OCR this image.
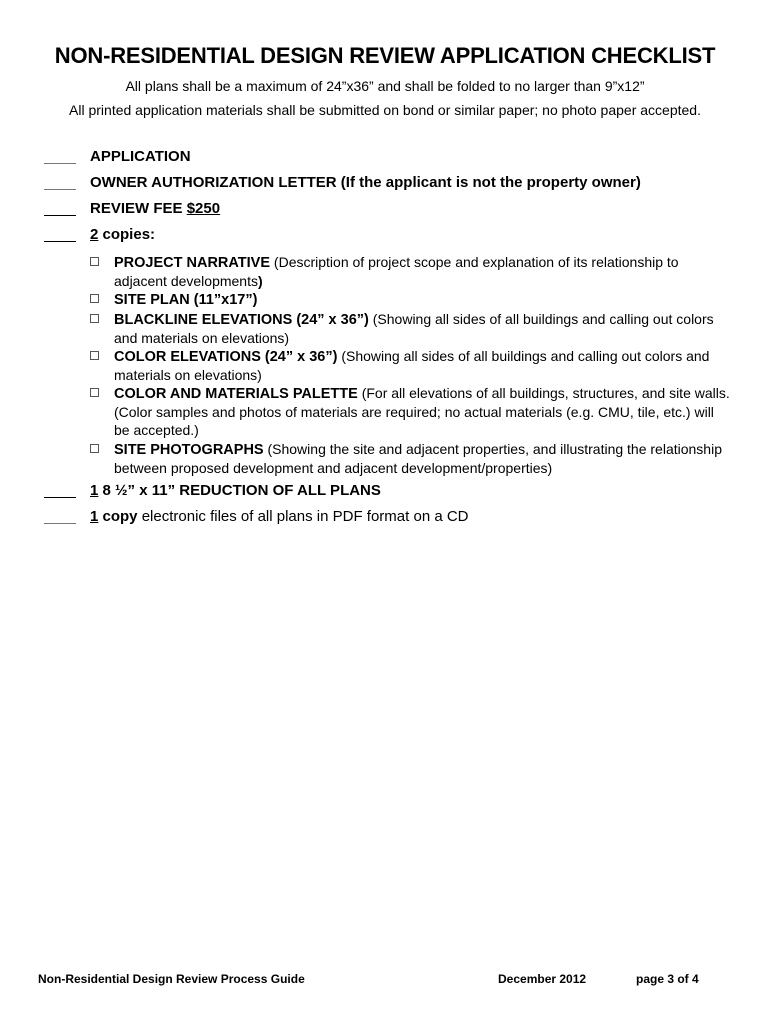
NON-RESIDENTIAL DESIGN REVIEW APPLICATION CHECKLIST
All plans shall be a maximum of 24”x36” and shall be folded to no larger than 9”x12”
All printed application materials shall be submitted on bond or similar paper; no photo paper accepted.
APPLICATION
OWNER AUTHORIZATION LETTER (If the applicant is not the property owner)
REVIEW FEE $250
2 copies:
PROJECT NARRATIVE (Description of project scope and explanation of its relationship to adjacent developments)
SITE PLAN (11”x17”)
BLACKLINE ELEVATIONS (24” x 36”) (Showing all sides of all buildings and calling out colors and materials on elevations)
COLOR ELEVATIONS (24” x 36”) (Showing all sides of all buildings and calling out colors and materials on elevations)
COLOR AND MATERIALS PALETTE (For all elevations of all buildings, structures, and site walls. (Color samples and photos of materials are required; no actual materials (e.g. CMU, tile, etc.) will be accepted.)
SITE PHOTOGRAPHS (Showing the site and adjacent properties, and illustrating the relationship between proposed development and adjacent development/properties)
1 8 ½” x 11” REDUCTION OF ALL PLANS
1 copy electronic files of all plans in PDF format on a CD
Non-Residential Design Review Process Guide	December 2012	page 3 of 4
